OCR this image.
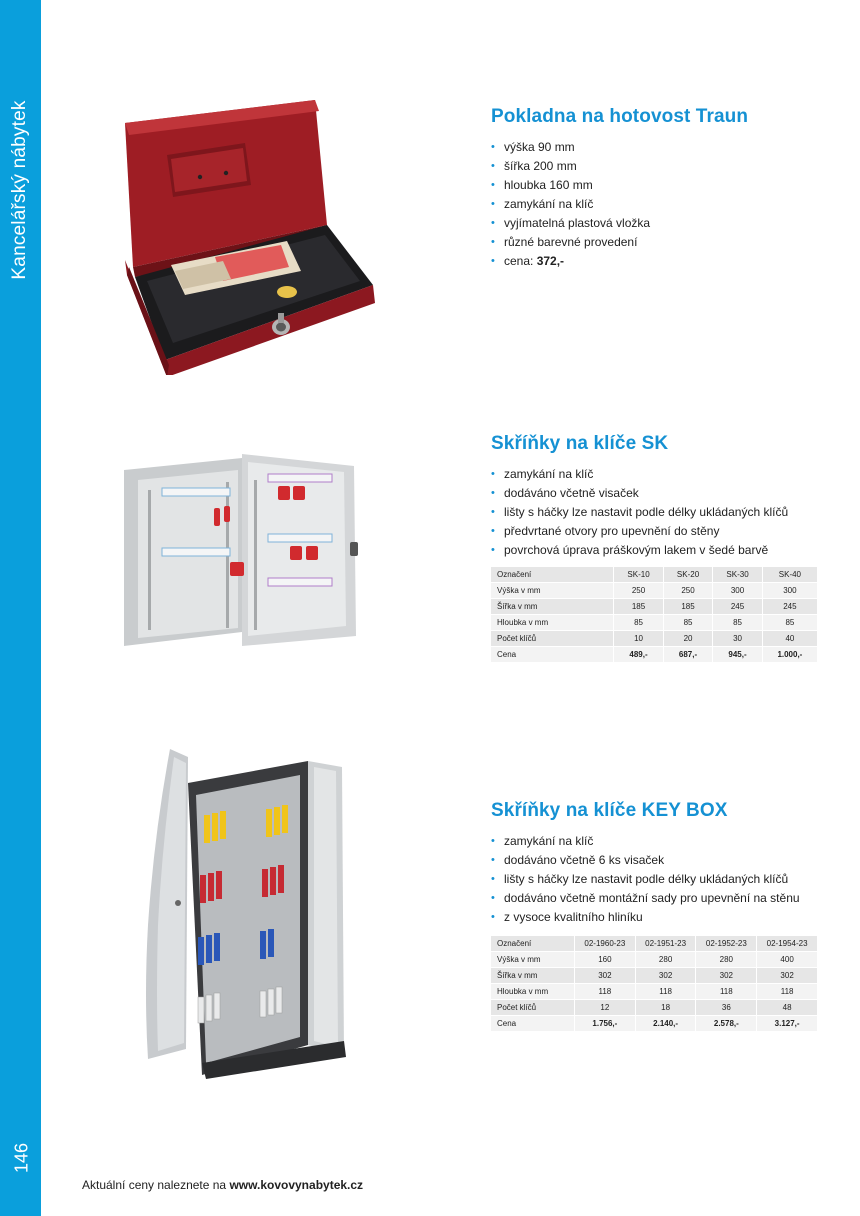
Kancelářský nábytek
146
Pokladna na hotovost Traun
• výška 90 mm
• šířka 200 mm
• hloubka 160 mm
• zamykání na klíč
• vyjímatelná plastová vložka
• různé barevné provedení
• cena: 372,-
Skříňky na klíče SK
• zamykání na klíč
• dodáváno včetně visaček
• lišty s háčky lze nastavit podle délky ukládaných klíčů
• předvrtané otvory pro upevnění do stěny
• povrchová úprava práškovým lakem v šedé barvě
Označení	SK-10	SK-20	SK-30	SK-40
Výška v mm	250	250	300	300
Šířka v mm	185	185	245	245
Hloubka v mm	85	85	85	85
Počet klíčů	10	20	30	40
Cena	489,-	687,-	945,-	1.000,-
Skříňky na klíče KEY BOX
• zamykání na klíč
• dodáváno včetně 6 ks visaček
• lišty s háčky lze nastavit podle délky ukládaných klíčů
• dodáváno včetně montážní sady pro upevnění na stěnu
• z vysoce kvalitního hliníku
Označení	02-1960-23	02-1951-23	02-1952-23	02-1954-23
Výška v mm	160	280	280	400
Šířka v mm	302	302	302	302
Hloubka v mm	118	118	118	118
Počet klíčů	12	18	36	48
Cena	1.756,-	2.140,-	2.578,-	3.127,-
Aktuální ceny naleznete na www.kovovynabytek.cz
